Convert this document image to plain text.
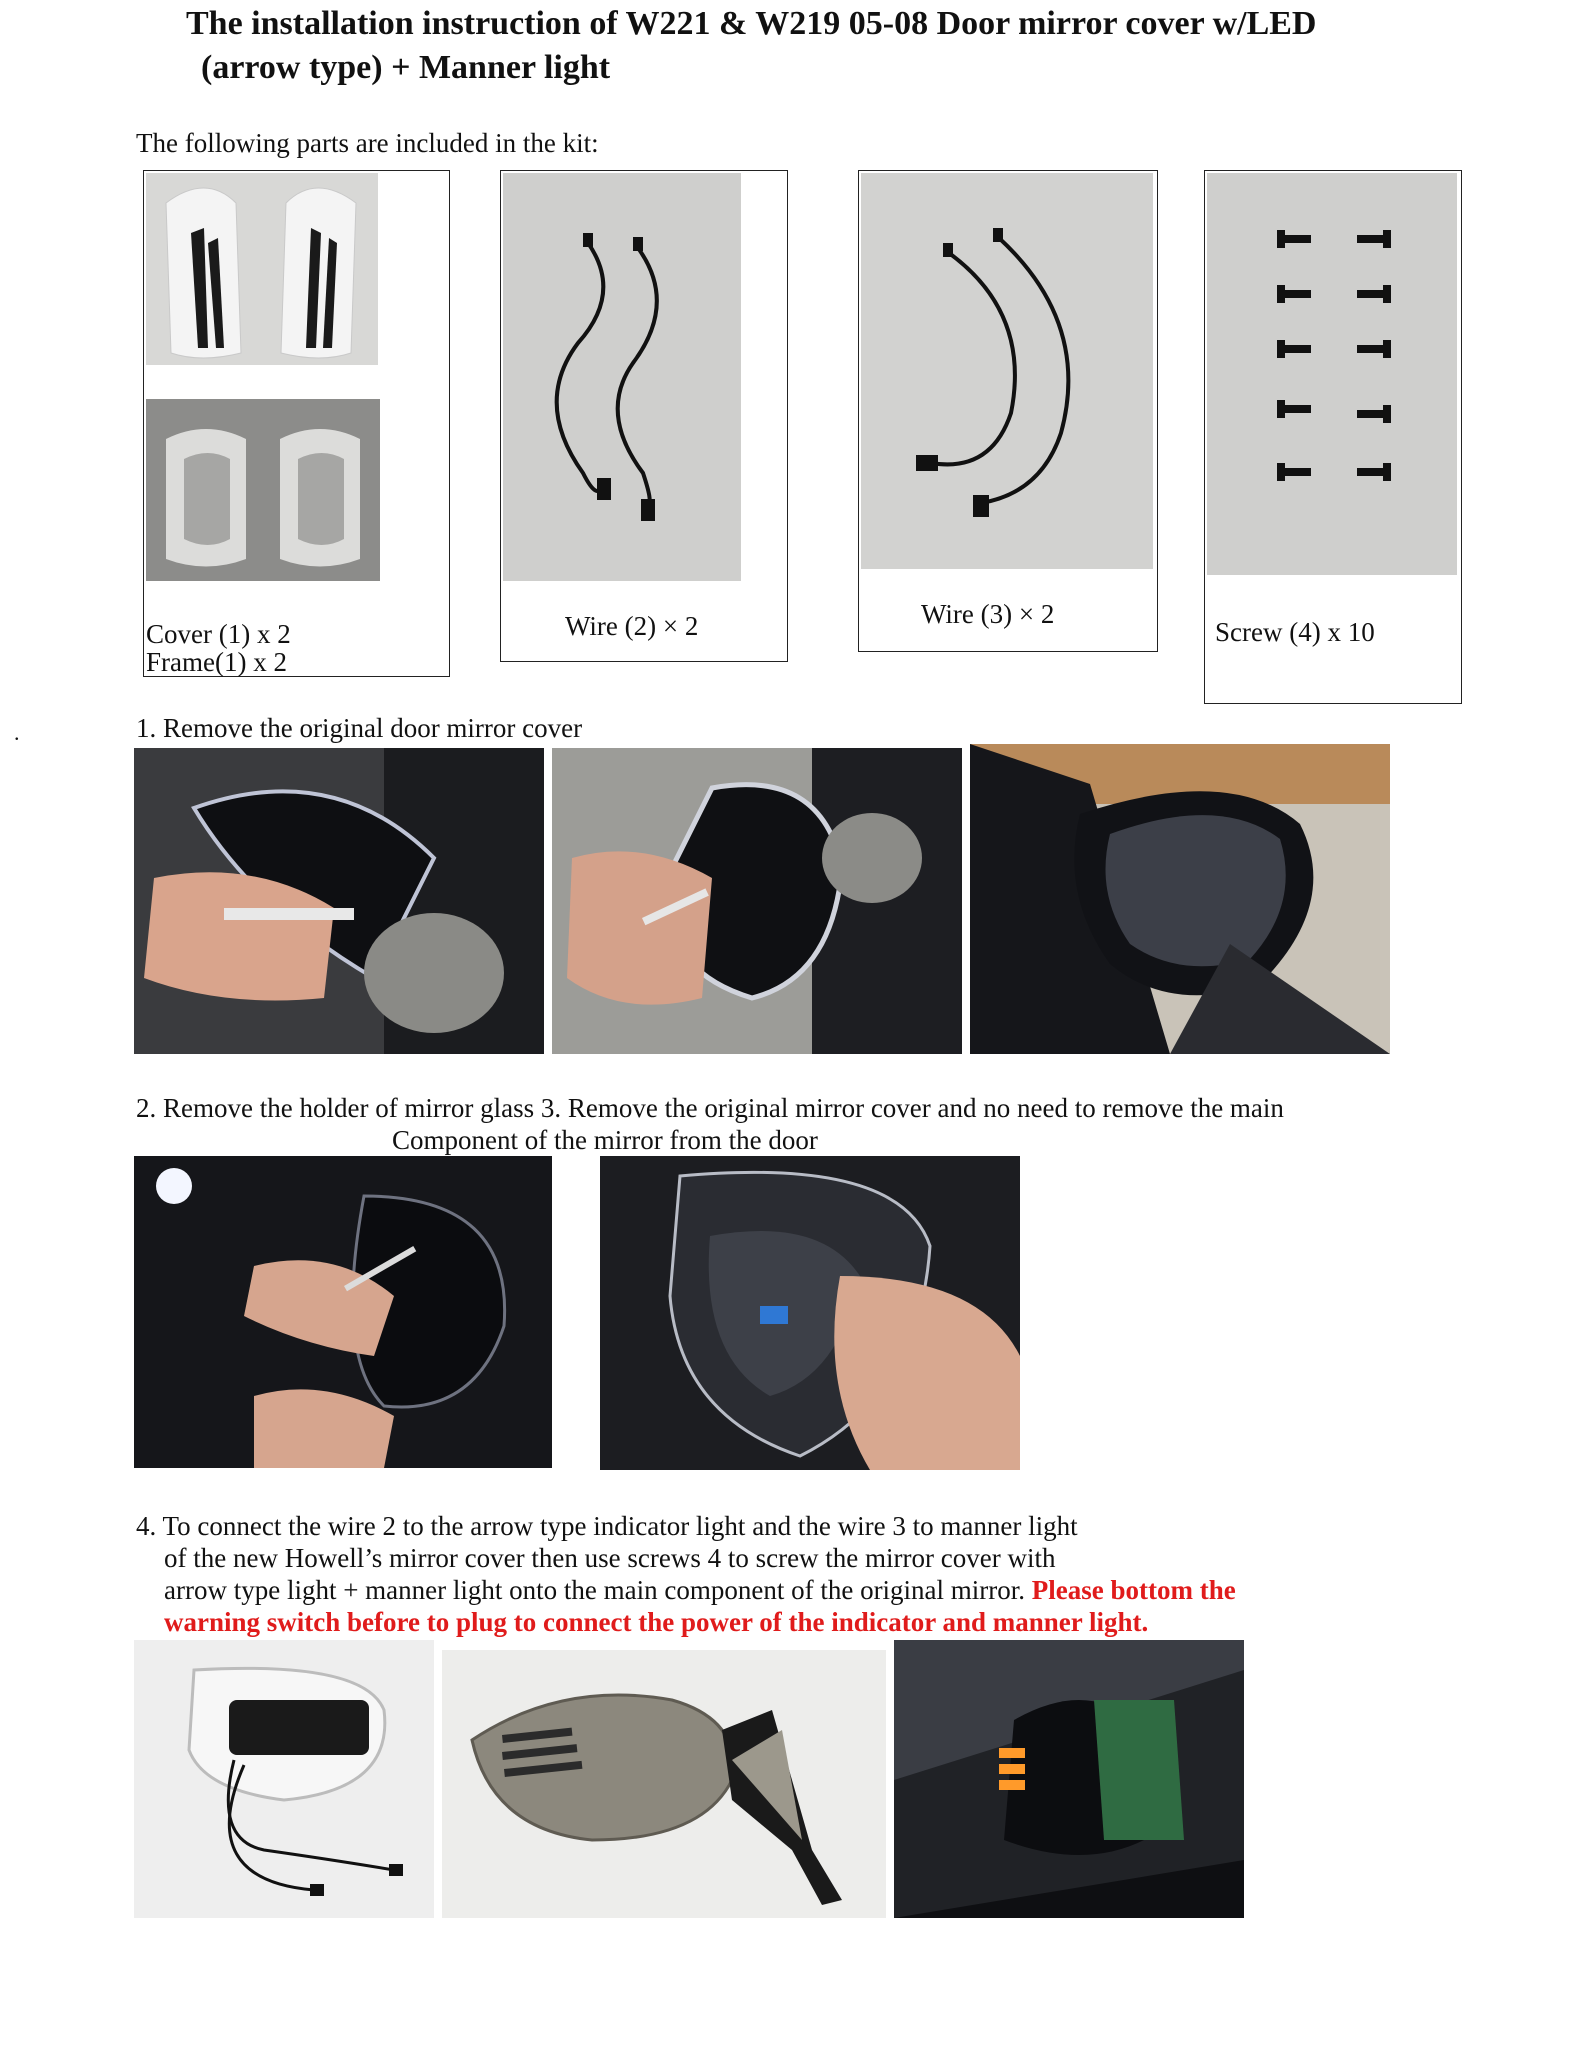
The installation instruction of W221 & W219 05-08 Door mirror cover w/LED
(arrow type) + Manner light
The following parts are included in the kit:
.
Cover (1) x 2
Frame(1) x 2
Wire (2) × 2	Wire (3) × 2
Screw (4) x 10
1. Remove the original door mirror cover
2. Remove the holder of mirror glass 3. Remove the original mirror cover and no need to remove the main
Component of the mirror from the door
4. To connect the wire 2 to the arrow type indicator light and the wire 3 to manner light
of the new Howell’s mirror cover then use screws 4 to screw the mirror cover with
arrow type light + manner light onto the main component of the original mirror. Please bottom the
warning switch before to plug to connect the power of the indicator and manner light.
